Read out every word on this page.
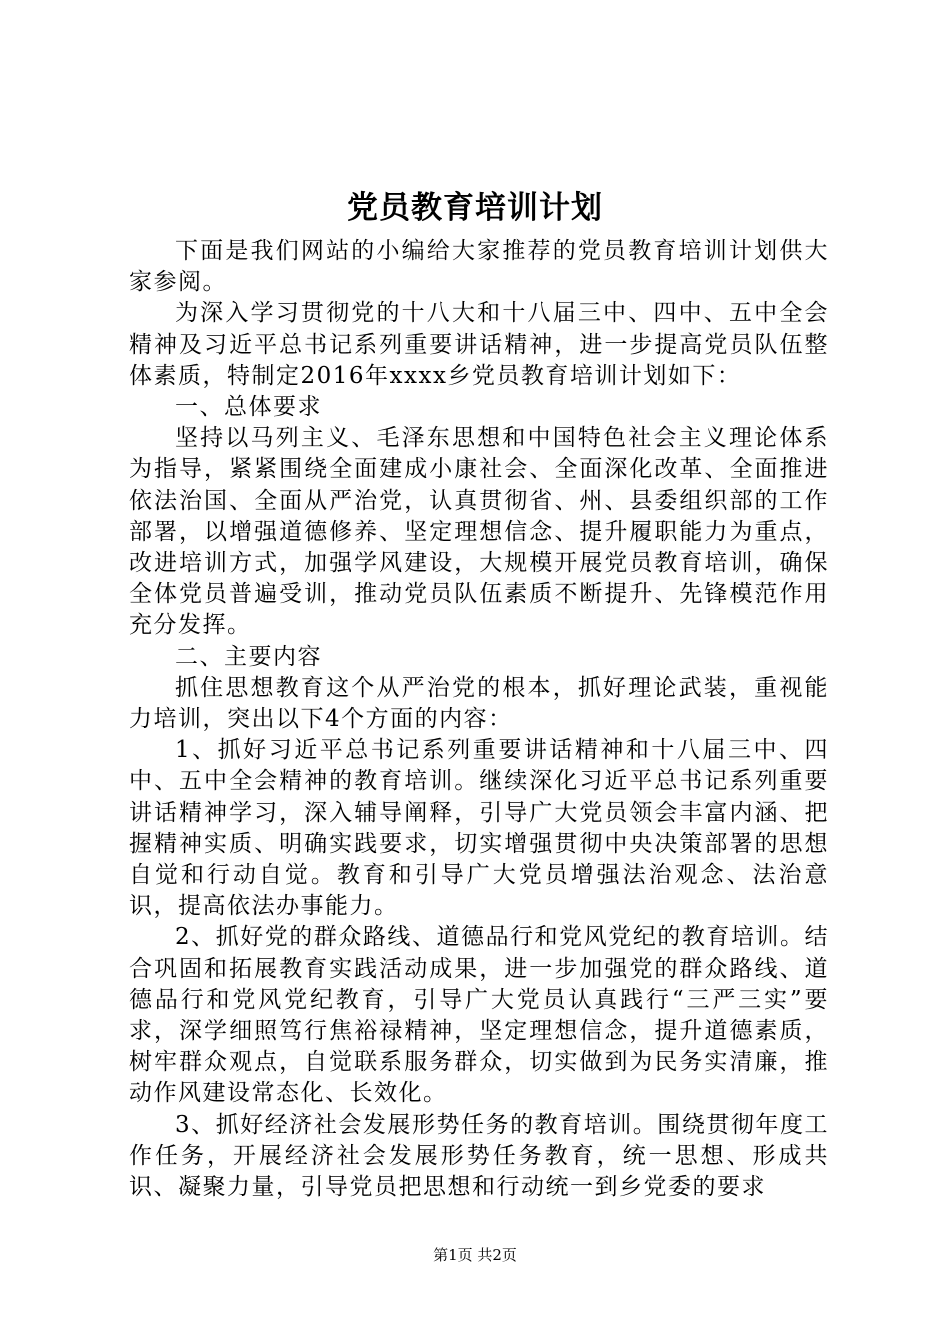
党员教育培训计划

下面是我们网站的小编给大家推荐的党员教育培训计划供大家参阅。

为深入学习贯彻党的十八大和十八届三中、四中、五中全会精神及习近平总书记系列重要讲话精神，进一步提高党员队伍整体素质，特制定2016年xxxx乡党员教育培训计划如下：

一、总体要求

坚持以马列主义、毛泽东思想和中国特色社会主义理论体系为指导，紧紧围绕全面建成小康社会、全面深化改革、全面推进依法治国、全面从严治党，认真贯彻省、州、县委组织部的工作部署，以增强道德修养、坚定理想信念、提升履职能力为重点，改进培训方式，加强学风建设，大规模开展党员教育培训，确保全体党员普遍受训，推动党员队伍素质不断提升、先锋模范作用充分发挥。

二、主要内容

抓住思想教育这个从严治党的根本，抓好理论武装，重视能力培训，突出以下4个方面的内容：

1、抓好习近平总书记系列重要讲话精神和十八届三中、四中、五中全会精神的教育培训。继续深化习近平总书记系列重要讲话精神学习，深入辅导阐释，引导广大党员领会丰富内涵、把握精神实质、明确实践要求，切实增强贯彻中央决策部署的思想自觉和行动自觉。教育和引导广大党员增强法治观念、法治意识，提高依法办事能力。

2、抓好党的群众路线、道德品行和党风党纪的教育培训。结合巩固和拓展教育实践活动成果，进一步加强党的群众路线、道德品行和党风党纪教育，引导广大党员认真践行“三严三实”要求，深学细照笃行焦裕禄精神，坚定理想信念，提升道德素质，树牢群众观点，自觉联系服务群众，切实做到为民务实清廉，推动作风建设常态化、长效化。

3、抓好经济社会发展形势任务的教育培训。围绕贯彻年度工作任务，开展经济社会发展形势任务教育，统一思想、形成共识、凝聚力量，引导党员把思想和行动统一到乡党委的要求

第1页 共2页
